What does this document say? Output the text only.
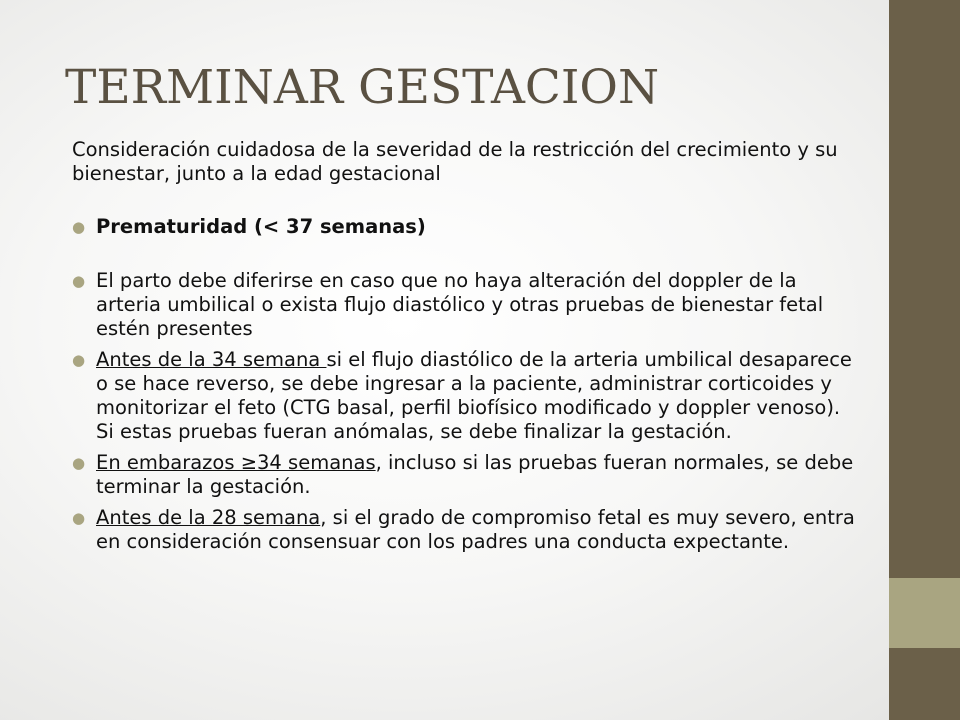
TERMINAR GESTACION

Consideración cuidadosa de la severidad de la restricción del crecimiento y su bienestar, junto a la edad gestacional

● Prematuridad (< 37 semanas)

● El parto debe diferirse en caso que no haya alteración del doppler de la arteria umbilical o exista flujo diastólico y otras pruebas de bienestar fetal estén presentes

● Antes de la 34 semana si el flujo diastólico de la arteria umbilical desaparece o se hace reverso, se debe ingresar a la paciente, administrar corticoides y monitorizar el feto (CTG basal, perfil biofísico modificado y doppler venoso). Si estas pruebas fueran anómalas, se debe finalizar la gestación.

● En embarazos ≥34 semanas, incluso si las pruebas fueran normales, se debe terminar la gestación.

● Antes de la 28 semana, si el grado de compromiso fetal es muy severo, entra en consideración consensuar con los padres una conducta expectante.
